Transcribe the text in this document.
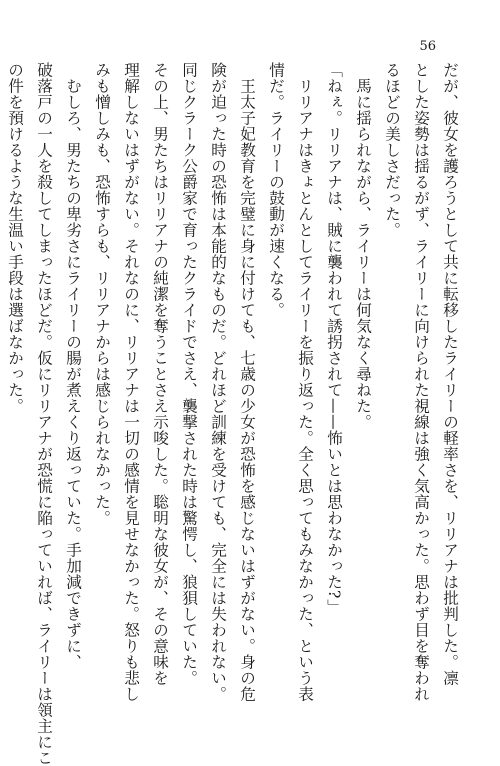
56

だが、彼女を護ろうとして共に転移したライリーの軽率さを、リリアナは批判した。凛

とした姿勢は揺るがず、ライリーに向けられた視線は強く気高かった。思わず目を奪われ

るほどの美しさだった。

馬に揺られながら、ライリーは何気なく尋ねた。

「ねぇ。リリアナは、賊に襲われて誘拐されて——怖いとは思わなかった?」

リリアナはきょとんとしてライリーを振り返った。全く思ってもみなかった、という表

情だ。ライリーの鼓動が速くなる。

王太子妃教育を完璧に身に付けても、七歳の少女が恐怖を感じないはずがない。身の危

険が迫った時の恐怖は本能的なものだ。どれほど訓練を受けても、完全には失われない。

同じクラーク公爵家で育ったクライドでさえ、襲撃された時は驚愕し、狼狽していた。

その上、男たちはリリアナの純潔を奪うことさえ示唆した。聡明な彼女が、その意味を

理解しないはずがない。それなのに、リリアナは一切の感情を見せなかった。怒りも悲し

みも憎しみも、恐怖すらも、リリアナからは感じられなかった。

むしろ、男たちの卑劣さにライリーの腸が煮えくり返っていた。手加減できずに、

破落戸の一人を殺してしまったほどだ。仮にリリアナが恐慌に陥っていれば、ライリーは領主にこ

の件を預けるような生温い手段は選ばなかった。
